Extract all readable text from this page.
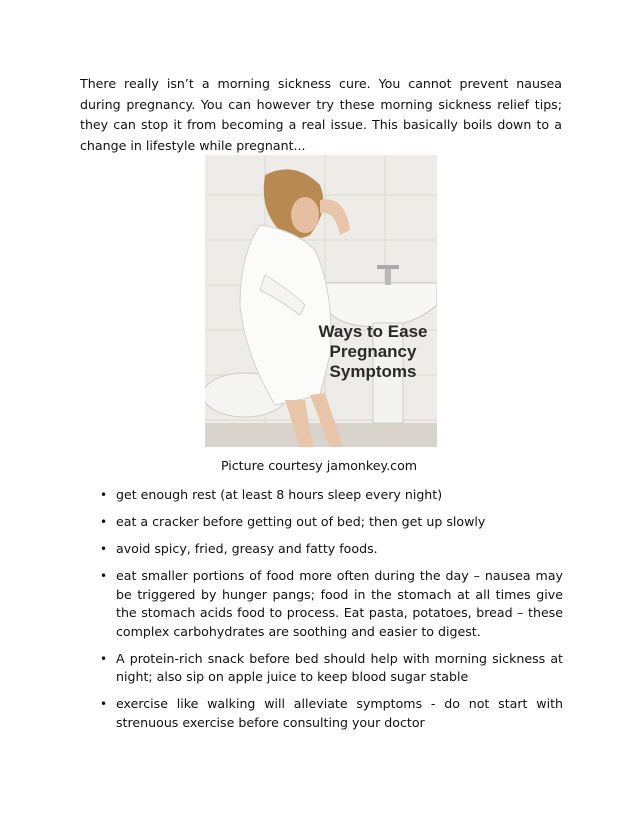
There really isn’t a morning sickness cure. You cannot prevent nausea during pregnancy. You can however try these morning sickness relief tips; they can stop it from becoming a real issue. This basically boils down to a change in lifestyle while pregnant...

Ways to Ease
Pregnancy
Symptoms

Picture courtesy jamonkey.com

• get enough rest (at least 8 hours sleep every night)
• eat a cracker before getting out of bed; then get up slowly
• avoid spicy, fried, greasy and fatty foods.
• eat smaller portions of food more often during the day – nausea may be triggered by hunger pangs; food in the stomach at all times give the stomach acids food to process. Eat pasta, potatoes, bread – these complex carbohydrates are soothing and easier to digest.
• A protein-rich snack before bed should help with morning sickness at night; also sip on apple juice to keep blood sugar stable
• exercise like walking will alleviate symptoms - do not start with strenuous exercise before consulting your doctor
